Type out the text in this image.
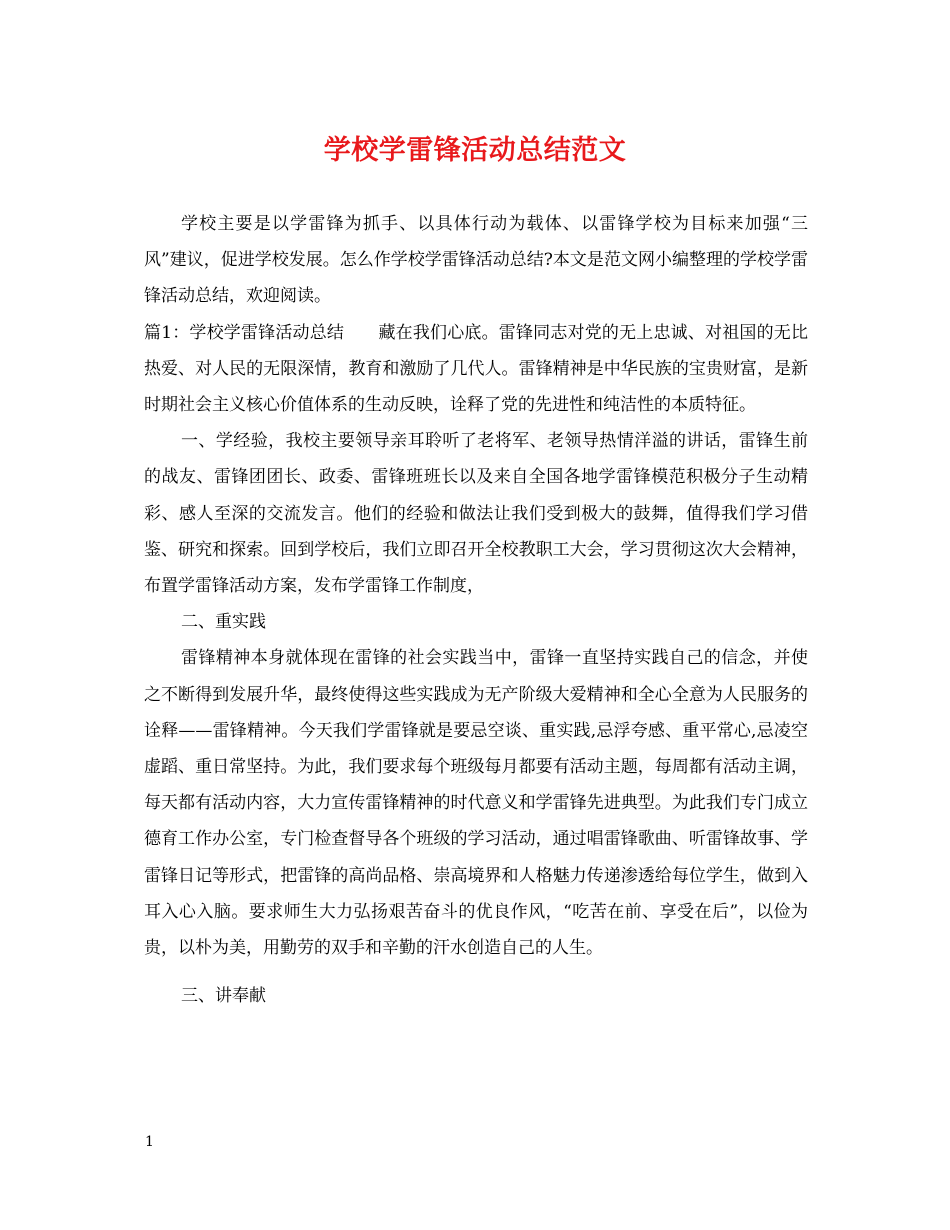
学校学雷锋活动总结范文

学校主要是以学雷锋为抓手、以具体行动为载体、以雷锋学校为目标来加强“三风”建议，促进学校发展。怎么作学校学雷锋活动总结?本文是范文网小编整理的学校学雷锋活动总结，欢迎阅读。

篇1：学校学雷锋活动总结　　藏在我们心底。雷锋同志对党的无上忠诚、对祖国的无比热爱、对人民的无限深情，教育和激励了几代人。雷锋精神是中华民族的宝贵财富，是新时期社会主义核心价值体系的生动反映，诠释了党的先进性和纯洁性的本质特征。

一、学经验，我校主要领导亲耳聆听了老将军、老领导热情洋溢的讲话，雷锋生前的战友、雷锋团团长、政委、雷锋班班长以及来自全国各地学雷锋模范积极分子生动精彩、感人至深的交流发言。他们的经验和做法让我们受到极大的鼓舞，值得我们学习借鉴、研究和探索。回到学校后，我们立即召开全校教职工大会，学习贯彻这次大会精神，布置学雷锋活动方案，发布学雷锋工作制度，

二、重实践

雷锋精神本身就体现在雷锋的社会实践当中，雷锋一直坚持实践自己的信念，并使之不断得到发展升华，最终使得这些实践成为无产阶级大爱精神和全心全意为人民服务的诠释——雷锋精神。今天我们学雷锋就是要忌空谈、重实践,忌浮夸感、重平常心,忌凌空虚蹈、重日常坚持。为此，我们要求每个班级每月都要有活动主题，每周都有活动主调，每天都有活动内容，大力宣传雷锋精神的时代意义和学雷锋先进典型。为此我们专门成立德育工作办公室，专门检查督导各个班级的学习活动，通过唱雷锋歌曲、听雷锋故事、学雷锋日记等形式，把雷锋的高尚品格、崇高境界和人格魅力传递渗透给每位学生，做到入耳入心入脑。要求师生大力弘扬艰苦奋斗的优良作风，“吃苦在前、享受在后”，以俭为贵，以朴为美，用勤劳的双手和辛勤的汗水创造自己的人生。

三、讲奉献

1
